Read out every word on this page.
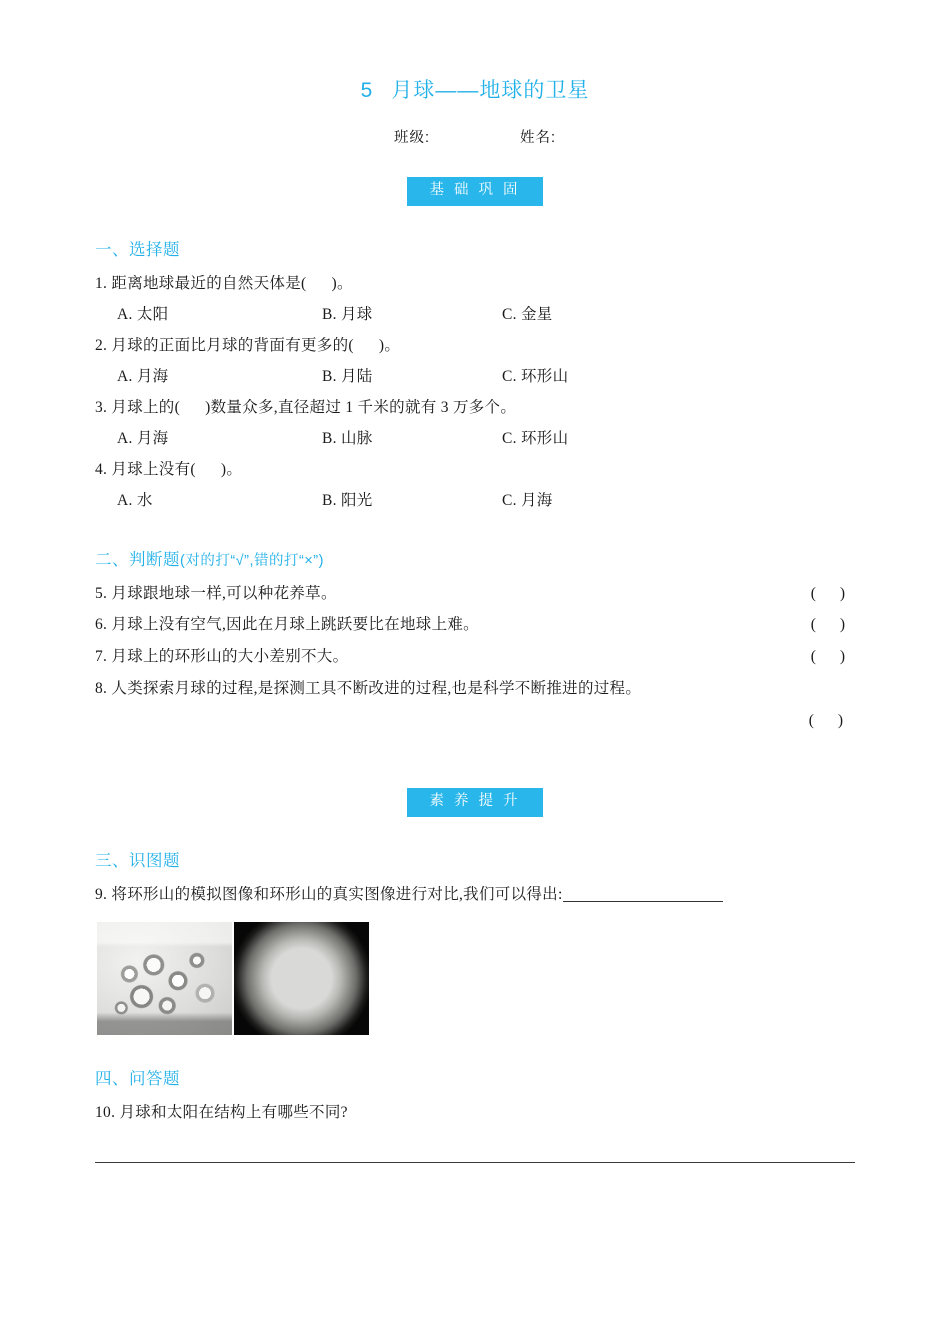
5 月球——地球的卫星
班级:	姓名:
基 础 巩 固
一、选择题
1. 距离地球最近的自然天体是(      )。
A. 太阳	B. 月球	C. 金星
2. 月球的正面比月球的背面有更多的(      )。
A. 月海	B. 月陆	C. 环形山
3. 月球上的(      )数量众多,直径超过 1 千米的就有 3 万多个。
A. 月海	B. 山脉	C. 环形山
4. 月球上没有(      )。
A. 水	B. 阳光	C. 月海
二、判断题(对的打“√”,错的打“×”)
5. 月球跟地球一样,可以种花养草。	( )
6. 月球上没有空气,因此在月球上跳跃要比在地球上难。	( )
7. 月球上的环形山的大小差别不大。	( )
8. 人类探索月球的过程,是探测工具不断改进的过程,也是科学不断推进的过程。
( )
素 养 提 升
三、识图题
9. 将环形山的模拟图像和环形山的真实图像进行对比,我们可以得出:
四、问答题
10. 月球和太阳在结构上有哪些不同?
